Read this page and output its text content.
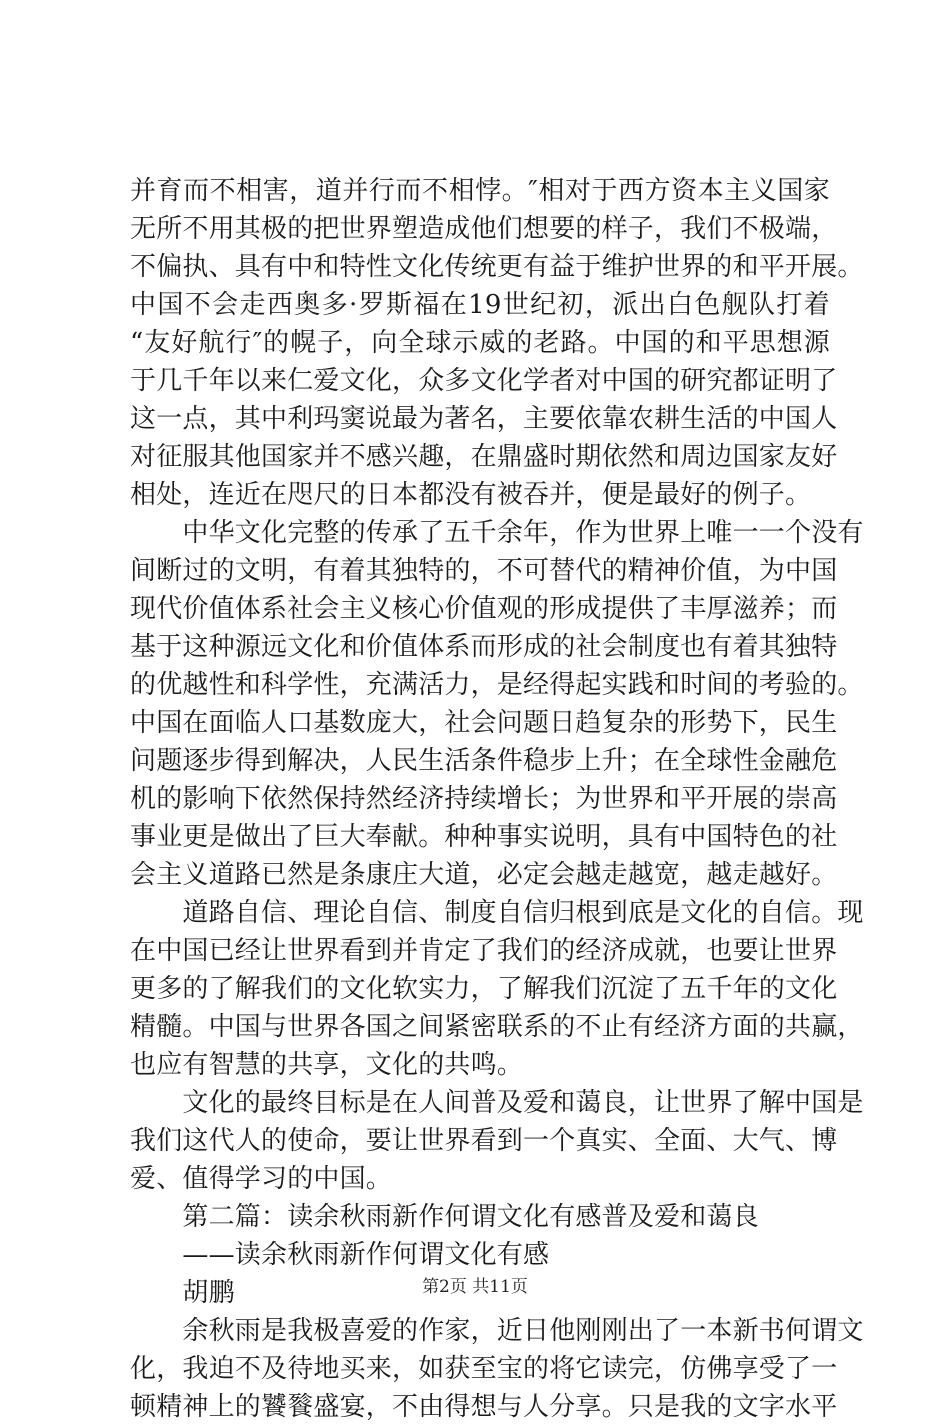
并育而不相害，道并行而不相悖。″相对于西方资本主义国家
无所不用其极的把世界塑造成他们想要的样子，我们不极端，
不偏执、具有中和特性文化传统更有益于维护世界的和平开展。
中国不会走西奥多·罗斯福在19世纪初，派出白色舰队打着
“友好航行″的幌子，向全球示威的老路。中国的和平思想源
于几千年以来仁爱文化，众多文化学者对中国的研究都证明了
这一点，其中利玛窦说最为著名，主要依靠农耕生活的中国人
对征服其他国家并不感兴趣，在鼎盛时期依然和周边国家友好
相处，连近在咫尺的日本都没有被吞并，便是最好的例子。
　　中华文化完整的传承了五千余年，作为世界上唯一一个没有
间断过的文明，有着其独特的，不可替代的精神价值，为中国
现代价值体系社会主义核心价值观的形成提供了丰厚滋养；而
基于这种源远文化和价值体系而形成的社会制度也有着其独特
的优越性和科学性，充满活力，是经得起实践和时间的考验的。
中国在面临人口基数庞大，社会问题日趋复杂的形势下，民生
问题逐步得到解决，人民生活条件稳步上升；在全球性金融危
机的影响下依然保持然经济持续增长；为世界和平开展的崇高
事业更是做出了巨大奉献。种种事实说明，具有中国特色的社
会主义道路已然是条康庄大道，必定会越走越宽，越走越好。
　　道路自信、理论自信、制度自信归根到底是文化的自信。现
在中国已经让世界看到并肯定了我们的经济成就，也要让世界
更多的了解我们的文化软实力，了解我们沉淀了五千年的文化
精髓。中国与世界各国之间紧密联系的不止有经济方面的共赢，
也应有智慧的共享，文化的共鸣。
　　文化的最终目标是在人间普及爱和蔼良，让世界了解中国是
我们这代人的使命，要让世界看到一个真实、全面、大气、博
爱、值得学习的中国。
　　第二篇：读余秋雨新作何谓文化有感普及爱和蔼良
　　——读余秋雨新作何谓文化有感
　　胡鹏
　　余秋雨是我极喜爱的作家，近日他刚刚出了一本新书何谓文
化，我迫不及待地买来，如获至宝的将它读完，仿佛享受了一
顿精神上的饕餮盛宴，不由得想与人分享。只是我的文字水平
第2页 共11页
